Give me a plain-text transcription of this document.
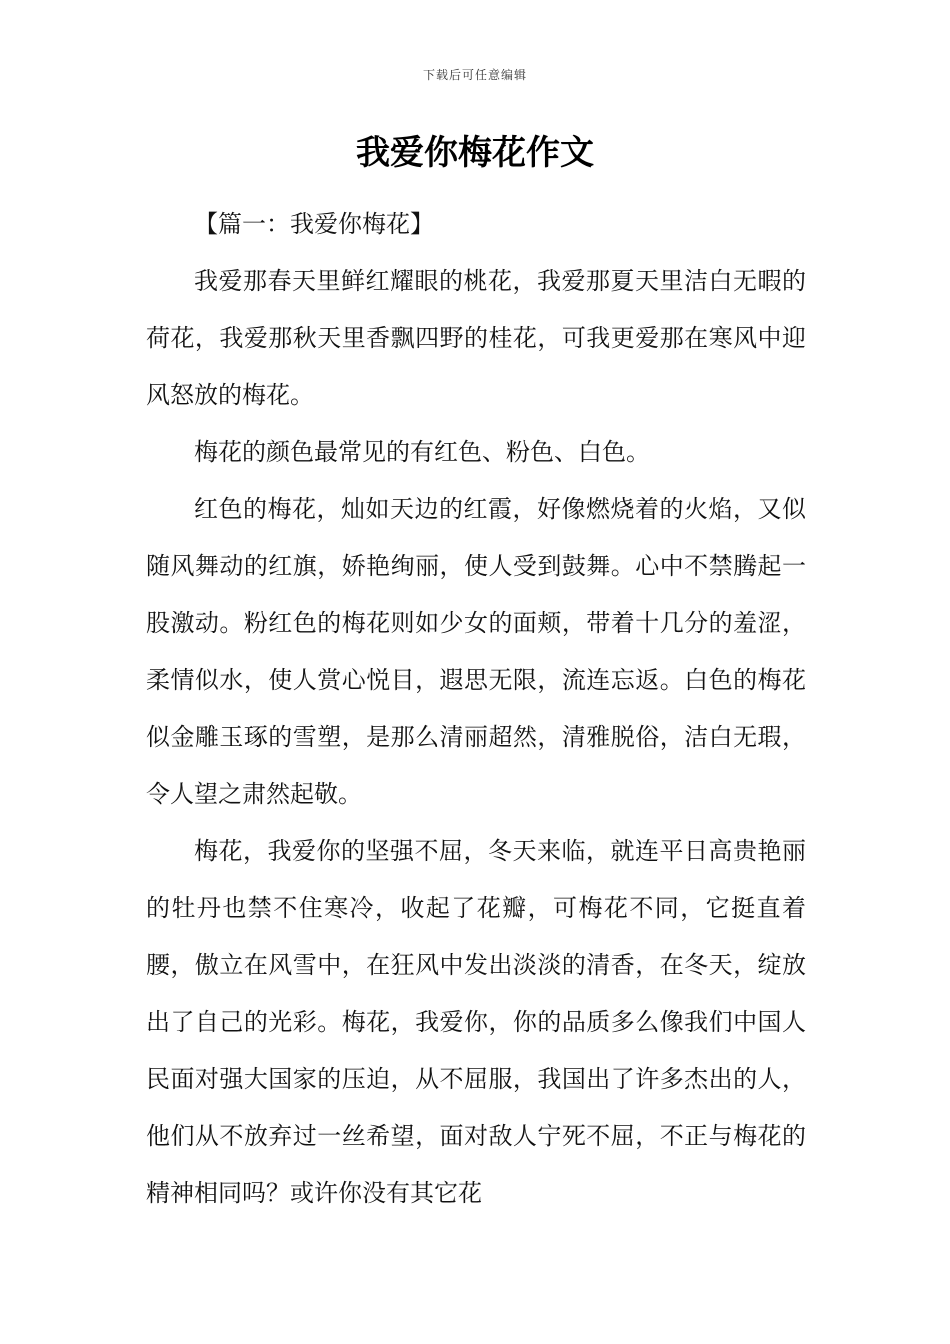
下载后可任意编辑
我爱你梅花作文

【篇一：我爱你梅花】

我爱那春天里鲜红耀眼的桃花，我爱那夏天里洁白无暇的荷花，我爱那秋天里香飘四野的桂花，可我更爱那在寒风中迎风怒放的梅花。

梅花的颜色最常见的有红色、粉色、白色。

红色的梅花，灿如天边的红霞，好像燃烧着的火焰，又似随风舞动的红旗，娇艳绚丽，使人受到鼓舞。心中不禁腾起一股激动。粉红色的梅花则如少女的面颊，带着十几分的羞涩，柔情似水，使人赏心悦目，遐思无限，流连忘返。白色的梅花似金雕玉琢的雪塑，是那么清丽超然，清雅脱俗，洁白无瑕，令人望之肃然起敬。

梅花，我爱你的坚强不屈，冬天来临，就连平日高贵艳丽的牡丹也禁不住寒冷，收起了花瓣，可梅花不同，它挺直着腰，傲立在风雪中，在狂风中发出淡淡的清香，在冬天，绽放出了自己的光彩。梅花，我爱你，你的品质多么像我们中国人民面对强大国家的压迫，从不屈服，我国出了许多杰出的人，他们从不放弃过一丝希望，面对敌人宁死不屈，不正与梅花的精神相同吗？或许你没有其它花
